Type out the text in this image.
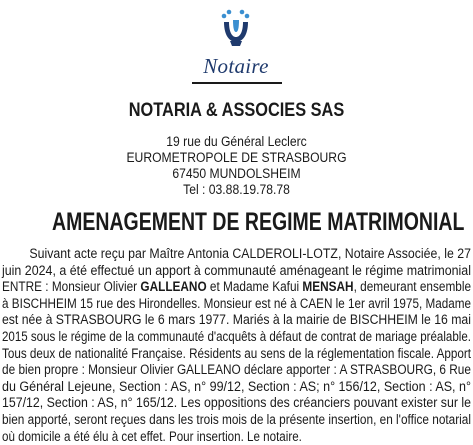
Notaire
NOTARIA & ASSOCIES SAS
19 rue du Général Leclerc
EUROMETROPOLE DE STRASBOURG
67450 MUNDOLSHEIM
Tel : 03.88.19.78.78
AMENAGEMENT DE REGIME MATRIMONIAL
Suivant acte reçu par Maître Antonia CALDEROLI-LOTZ, Notaire Associée, le 27
juin 2024, a été effectué un apport à communauté aménageant le régime matrimonial
ENTRE : Monsieur Olivier GALLEANO et Madame Kafui MENSAH, demeurant ensemble
à BISCHHEIM 15 rue des Hirondelles. Monsieur est né à CAEN le 1er avril 1975, Madame
est née à STRASBOURG le 6 mars 1977. Mariés à la mairie de BISCHHEIM le 16 mai
2015 sous le régime de la communauté d'acquêts à défaut de contrat de mariage préalable.
Tous deux de nationalité Française. Résidents au sens de la réglementation fiscale. Apport
de bien propre : Monsieur Olivier GALLEANO déclare apporter : A STRASBOURG, 6 Rue
du Général Lejeune, Section : AS, n° 99/12, Section : AS; n° 156/12, Section : AS, n°
157/12, Section : AS, n° 165/12. Les oppositions des créanciers pouvant exister sur le
bien apporté, seront reçues dans les trois mois de la présente insertion, en l'office notarial
où domicile a été élu à cet effet. Pour insertion. Le notaire.
